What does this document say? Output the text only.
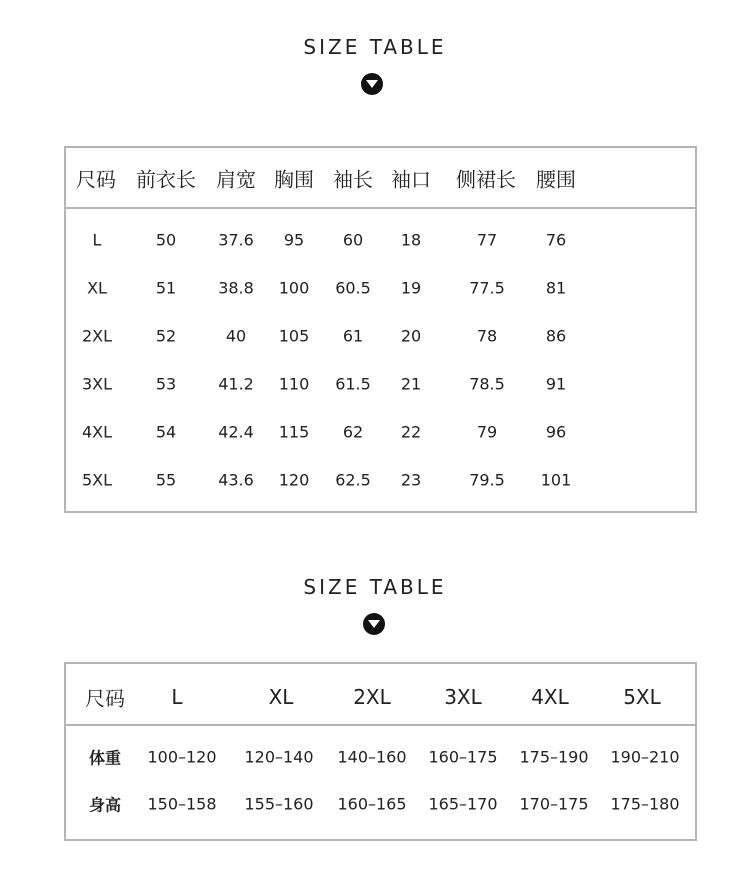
SIZE TABLE
尺码 前衣长 肩宽 胸围 袖长 袖口 侧裙长 腰围
L	50	37.6 95 60 18	77	76
XL	51	38.8 100 60.5 19	77.5	81
2XL	52	40 105 61 20	78	86
3XL	53	41.2 110 61.5 21	78.5	91
4XL	54	42.4 115 62 22	79	96
5XL	55	43.6 120 62.5 23	79.5 101
SIZE TABLE
尺码 L	XL	2XL	3XL 4XL	5XL
体重 100–120 120–140 140–160 160–175 175–190 190–210
身高 150–158 155–160 160–165 165–170 170–175 175–180
